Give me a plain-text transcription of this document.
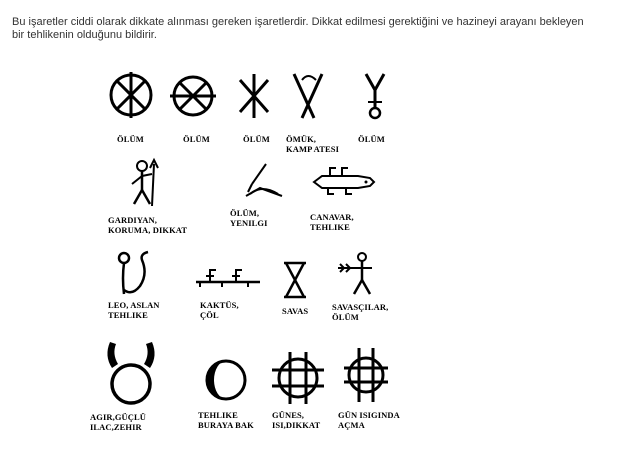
Bu işaretler ciddi olarak dikkate alınması gereken işaretlerdir. Dikkat edilmesi gerektiğini ve hazineyi arayanı bekleyen

bir tehlikenin olduğunu bildirir.

ÖLÜM	ÖLÜM	ÖLÜM ÖMÜK,
KAMP ATESI
ÖLÜM
GARDIYAN,
KORUMA, DIKKAT
ÖLÜM,
YENILGI
CANAVAR,
TEHLIKE
LEO, ASLAN
TEHLIKE
KAKTÜS,
ÇÖL	SAVAS	SAVASÇILAR,
ÖLÜM
AGIR,GÜÇLÜ
ILAC,ZEHIR
TEHLIKE
BURAYA BAK
GÜNES,
ISI,DIKKAT
GÜN ISIGINDA
AÇMA
